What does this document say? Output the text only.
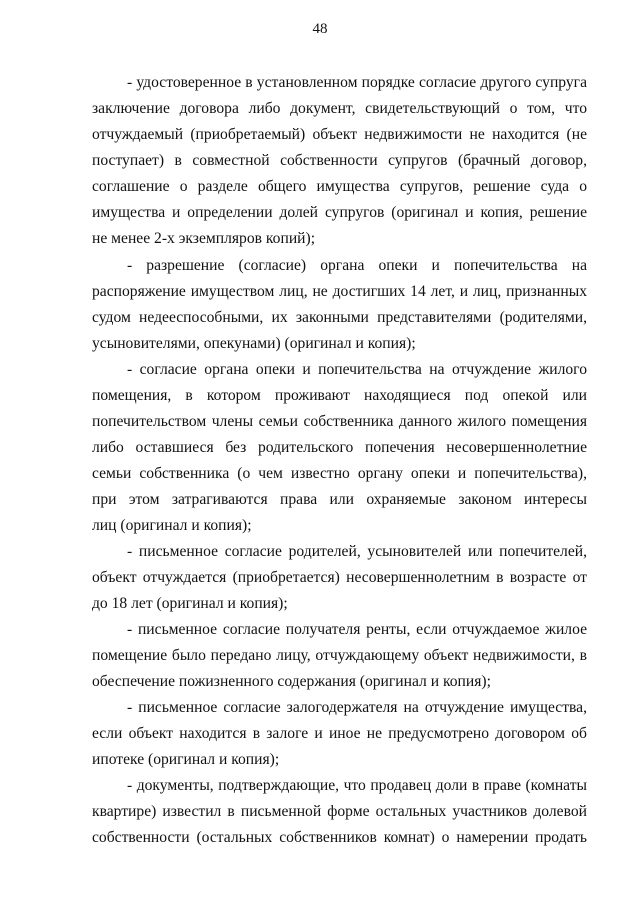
48
- удостоверенное в установленном порядке согласие другого супруга
заключение договора либо документ, свидетельствующий о том, что
отчуждаемый (приобретаемый) объект недвижимости не находится (не
поступает) в совместной собственности супругов (брачный договор,
соглашение о разделе общего имущества супругов, решение суда о
имущества и определении долей супругов (оригинал и копия, решение
не менее 2-х экземпляров копий);
- разрешение (согласие) органа опеки и попечительства на
распоряжение имуществом лиц, не достигших 14 лет, и лиц, признанных
судом недееспособными, их законными представителями (родителями,
усыновителями, опекунами) (оригинал и копия);
- согласие органа опеки и попечительства на отчуждение жилого
помещения, в котором проживают находящиеся под опекой или
попечительством члены семьи собственника данного жилого помещения
либо оставшиеся без родительского попечения несовершеннолетние
семьи собственника (о чем известно органу опеки и попечительства),
при этом затрагиваются права или охраняемые законом интересы
лиц (оригинал и копия);
- письменное согласие родителей, усыновителей или попечителей,
объект отчуждается (приобретается) несовершеннолетним в возрасте от
до 18 лет (оригинал и копия);
- письменное согласие получателя ренты, если отчуждаемое жилое
помещение было передано лицу, отчуждающему объект недвижимости, в
обеспечение пожизненного содержания (оригинал и копия);
- письменное согласие залогодержателя на отчуждение имущества,
если объект находится в залоге и иное не предусмотрено договором об
ипотеке (оригинал и копия);
- документы, подтверждающие, что продавец доли в праве (комнаты
квартире) известил в письменной форме остальных участников долевой
собственности (остальных собственников комнат) о намерении продать
